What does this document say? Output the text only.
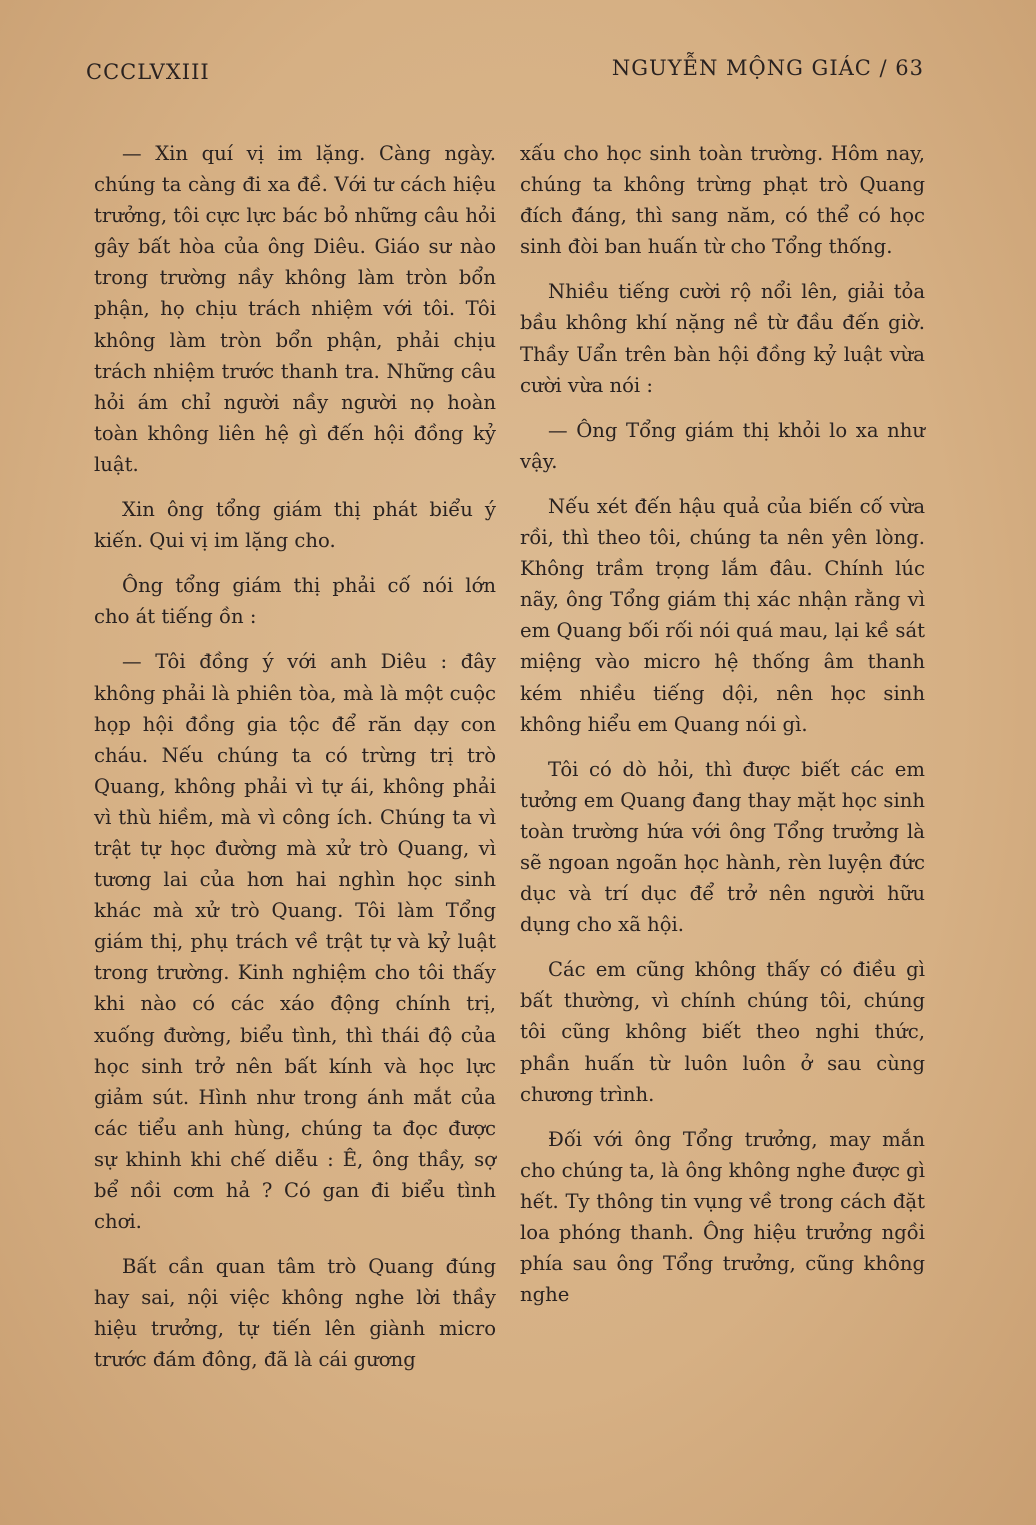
CCCLVXIII	NGUYỄN MỘNG GIÁC / 63

— Xin quí vị im lặng. Càng ngày. chúng ta càng đi xa đề. Với tư cách hiệu trưởng, tôi cực lực bác bỏ những câu hỏi gây bất hòa của ông Diêu. Giáo sư nào trong trường nầy không làm tròn bổn phận, họ chịu trách nhiệm với tôi. Tôi không làm tròn bổn phận, phải chịu trách nhiệm trước thanh tra. Những câu hỏi ám chỉ người nầy người nọ hoàn toàn không liên hệ gì đến hội đồng kỷ luật.

Xin ông tổng giám thị phát biểu ý kiến. Qui vị im lặng cho.

Ông tổng giám thị phải cố nói lớn cho át tiếng ồn :

— Tôi đồng ý với anh Diêu : đây không phải là phiên tòa, mà là một cuộc họp hội đồng gia tộc để răn dạy con cháu. Nếu chúng ta có trừng trị trò Quang, không phải vì tự ái, không phải vì thù hiềm, mà vì công ích. Chúng ta vì trật tự học đường mà xử trò Quang, vì tương lai của hơn hai nghìn học sinh khác mà xử trò Quang. Tôi làm Tổng giám thị, phụ trách về trật tự và kỷ luật trong trường. Kinh nghiệm cho tôi thấy khi nào có các xáo động chính trị, xuống đường, biểu tình, thì thái độ của học sinh trở nên bất kính và học lực giảm sút. Hình như trong ánh mắt của các tiểu anh hùng, chúng ta đọc được sự khinh khi chế diễu : Ê, ông thầy, sợ bể nồi cơm hả ? Có gan đi biểu tình chơi.

Bất cần quan tâm trò Quang đúng hay sai, nội việc không nghe lời thầy hiệu trưởng, tự tiến lên giành micro trước đám đông, đã là cái gương

xấu cho học sinh toàn trường. Hôm nay, chúng ta không trừng phạt trò Quang đích đáng, thì sang năm, có thể có học sinh đòi ban huấn từ cho Tổng thống.

Nhiều tiếng cười rộ nổi lên, giải tỏa bầu không khí nặng nề từ đầu đến giờ. Thầy Uẩn trên bàn hội đồng kỷ luật vừa cười vừa nói :

— Ông Tổng giám thị khỏi lo xa như vậy.

Nếu xét đến hậu quả của biến cố vừa rồi, thì theo tôi, chúng ta nên yên lòng. Không trầm trọng lắm đâu. Chính lúc nãy, ông Tổng giám thị xác nhận rằng vì em Quang bối rối nói quá mau, lại kề sát miệng vào micro hệ thống âm thanh kém nhiều tiếng dội, nên học sinh không hiểu em Quang nói gì.

Tôi có dò hỏi, thì được biết các em tưởng em Quang đang thay mặt học sinh toàn trường hứa với ông Tổng trưởng là sẽ ngoan ngoãn học hành, rèn luyện đức dục và trí dục để trở nên người hữu dụng cho xã hội.

Các em cũng không thấy có điều gì bất thường, vì chính chúng tôi, chúng tôi cũng không biết theo nghi thức, phần huấn từ luôn luôn ở sau cùng chương trình.

Đối với ông Tổng trưởng, may mắn cho chúng ta, là ông không nghe được gì hết. Ty thông tin vụng về trong cách đặt loa phóng thanh. Ông hiệu trưởng ngồi phía sau ông Tổng trưởng, cũng không nghe
